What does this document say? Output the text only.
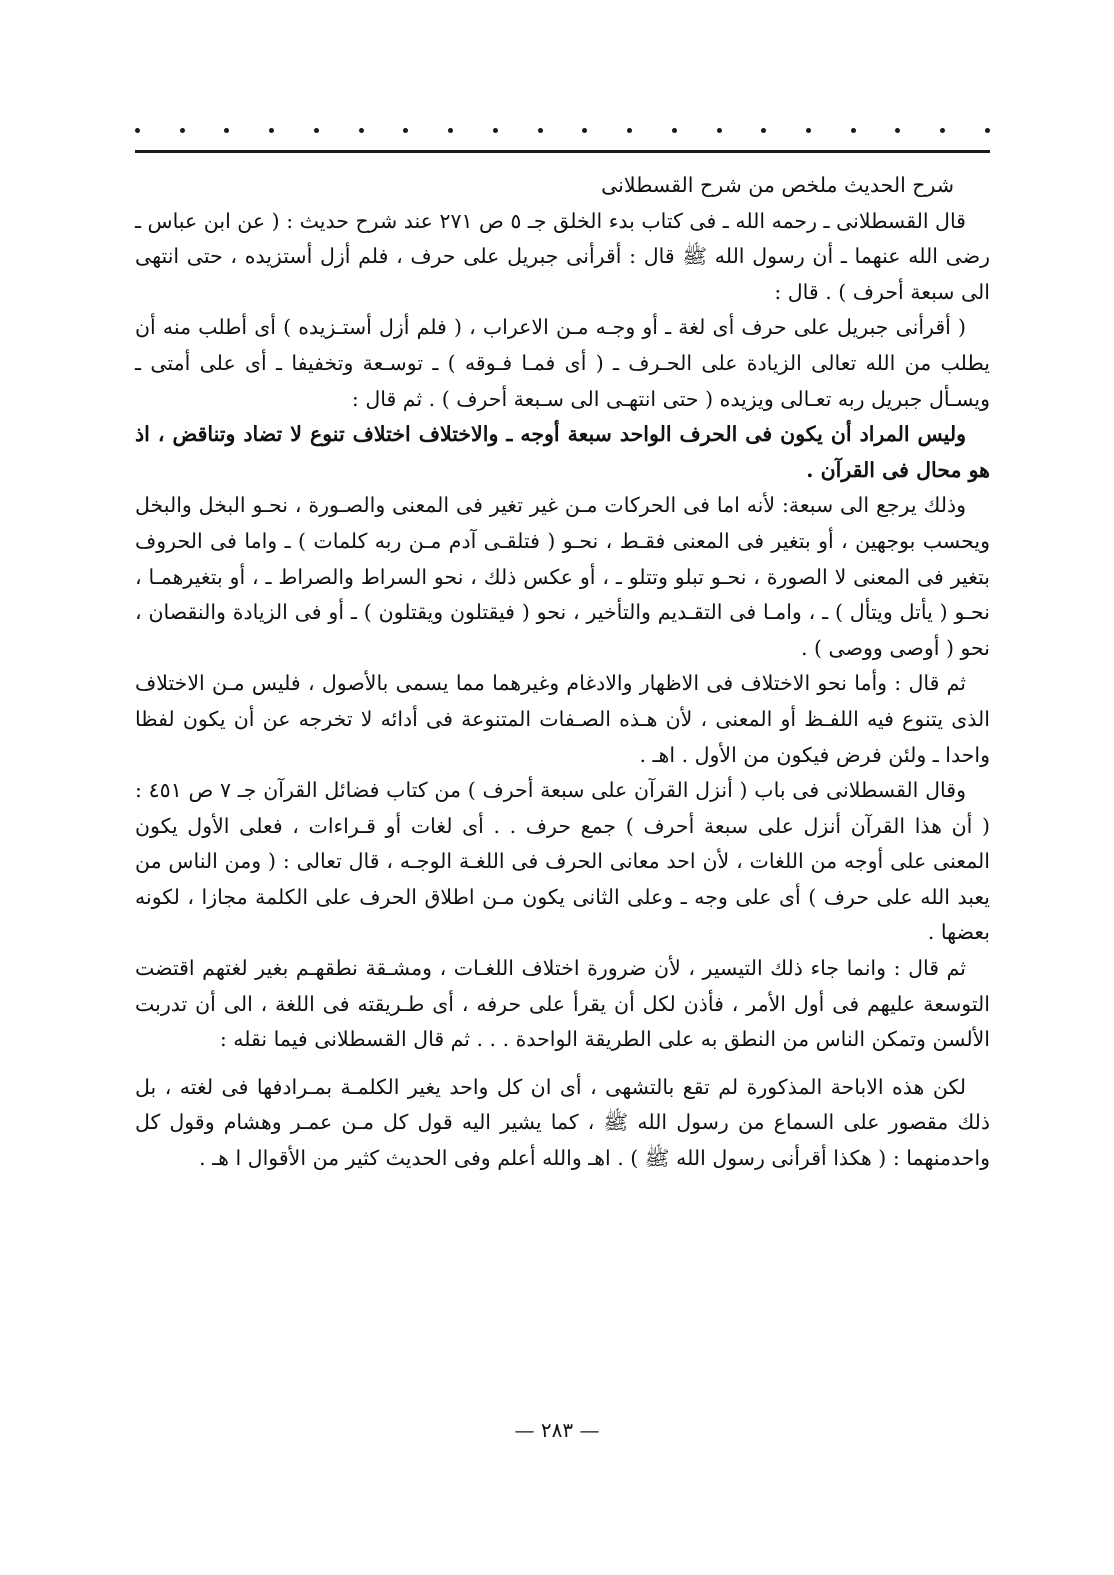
شرح الحديث ملخص من شرح القسطلانى

قال القسطلانى ـ رحمه الله ـ فى كتاب بدء الخلق جـ ٥ ص ٢٧١ عند شرح حديث : ( عن ابن عباس ـ رضى الله عنهما ـ أن رسول الله ﷺ قال : أقرأنى جبريل على حرف ، فلم أزل أستزيده ، حتى انتهى الى سبعة أحرف ) . قال :

( أقرأنى جبريل على حرف أى لغة ـ أو وجـه مـن الاعراب ، ( فلم أزل أستـزيده ) أى أطلب منه أن يطلب من الله تعالى الزيادة على الحـرف ـ ( أى فمـا فـوقه ) ـ توسـعة وتخفيفا ـ أى على أمتى ـ ويسـأل جبريل ربه تعـالى ويزيده ( حتى انتهـى الى سـبعة أحرف ) . ثم قال :

وليس المراد أن يكون فى الحرف الواحد سبعة أوجه ـ والاختلاف اختلاف تنوع لا تضاد وتناقض ، اذ هو محال فى القرآن .

وذلك يرجع الى سبعة: لأنه اما فى الحركات مـن غير تغير فى المعنى والصـورة ، نحـو البخل والبخل ويحسب بوجهين ، أو بتغير فى المعنى فقـط ، نحـو ( فتلقـى آدم مـن ربه كلمات ) ـ واما فى الحروف بتغير فى المعنى لا الصورة ، نحـو تبلو وتتلو ـ ، أو عكس ذلك ، نحو السراط والصراط ـ ، أو بتغيرهمـا ، نحـو ( يأتل ويتأل ) ـ ، وامـا فى التقـديم والتأخير ، نحو ( فيقتلون ويقتلون ) ـ أو فى الزيادة والنقصان ، نحو ( أوصى ووصى ) .

ثم قال : وأما نحو الاختلاف فى الاظهار والادغام وغيرهما مما يسمى بالأصول ، فليس مـن الاختلاف الذى يتنوع فيه اللفـظ أو المعنى ، لأن هـذه الصـفات المتنوعة فى أدائه لا تخرجه عن أن يكون لفظا واحدا ـ ولئن فرض فيكون من الأول . اهـ .

وقال القسطلانى فى باب ( أنزل القرآن على سبعة أحرف ) من كتاب فضائل القرآن جـ ٧ ص ٤٥١ : ( أن هذا القرآن أنزل على سبعة أحرف ) جمع حرف . . أى لغات أو قـراءات ، فعلى الأول يكون المعنى على أوجه من اللغات ، لأن احد معانى الحرف فى اللغـة الوجـه ، قال تعالى : ( ومن الناس من يعبد الله على حرف ) أى على وجه ـ وعلى الثانى يكون مـن اطلاق الحرف على الكلمة مجازا ، لكونه بعضها .

ثم قال : وانما جاء ذلك التيسير ، لأن ضرورة اختلاف اللغـات ، ومشـقة نطقهـم بغير لغتهم اقتضت التوسعة عليهم فى أول الأمر ، فأذن لكل أن يقرأ على حرفه ، أى طـريقته فى اللغة ، الى أن تدربت الألسن وتمكن الناس من النطق به على الطريقة الواحدة . . . ثم قال القسطلانى فيما نقله :

لكن هذه الاباحة المذكورة لم تقع بالتشهى ، أى ان كل واحد يغير الكلمـة بمـرادفها فى لغته ، بل ذلك مقصور على السماع من رسول الله ﷺ ، كما يشير اليه قول كل مـن عمـر وهشام وقول كل واحدمنهما : ( هكذا أقرأنى رسول الله ﷺ ) . اهـ والله أعلم وفى الحديث كثير من الأقوال ا هـ .

— ٢٨٣ —
